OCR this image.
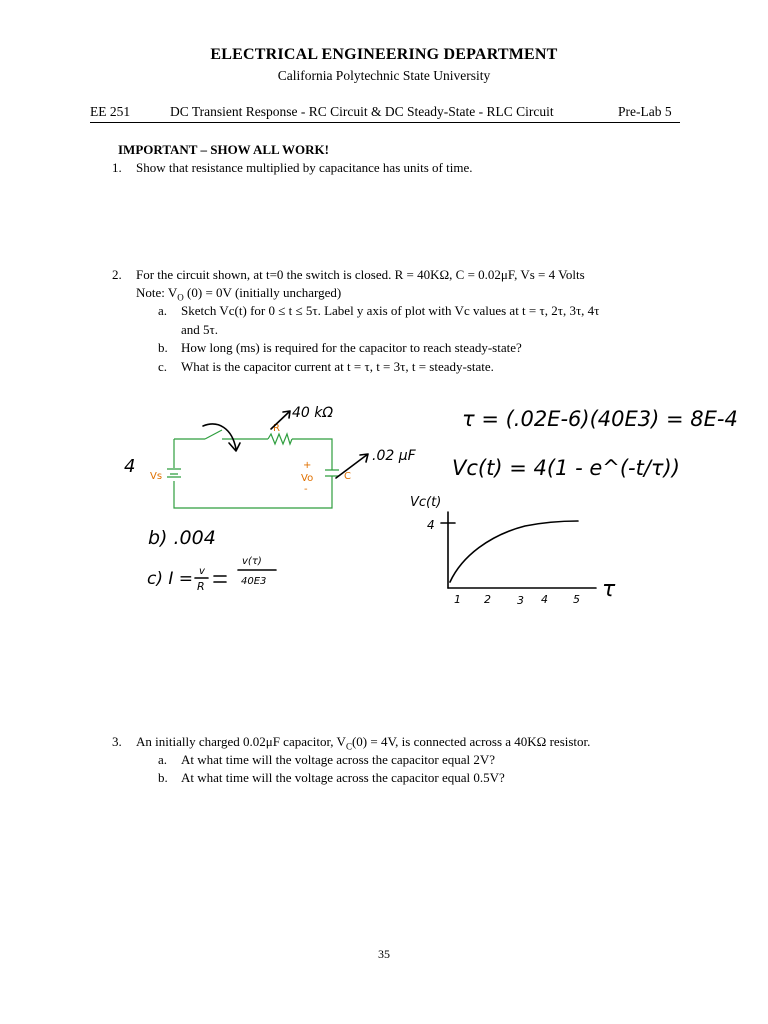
ELECTRICAL ENGINEERING DEPARTMENT
California Polytechnic State University
EE 251	DC Transient Response - RC Circuit & DC Steady-State - RLC Circuit	Pre-Lab 5
IMPORTANT – SHOW ALL WORK!
1. Show that resistance multiplied by capacitance has units of time.
2. For the circuit shown, at t=0 the switch is closed. R = 40KΩ, C = 0.02μF, Vs = 4 Volts
Note: $V_O$ (0) = 0V (initially uncharged)
a. Sketch Vc(t) for 0 ≤ t ≤ 5τ. Label y axis of plot with Vc values at t = τ, 2τ, 3τ, 4τ
and 5τ.
b. How long (ms) is required for the capacitor to reach steady-state?
c. What is the capacitor current at t = τ, t = 3τ, t = steady-state.
Vs
R
C
+
Vo
-
40 kΩ
.02 μF
4
τ = (.02E-6)(40E3) = 8E-4
Vc(t) = 4(1 - e^(-t/τ))
b) .004
c) I = v
R
v(τ)
40E3
Vc(t)
4
τ
1 2 3 4 5
3. An initially charged 0.02μF capacitor, $V_C(0) = 4V$, is connected across a 40KΩ resistor.
a. At what time will the voltage across the capacitor equal 2V?
b. At what time will the voltage across the capacitor equal 0.5V?
35
